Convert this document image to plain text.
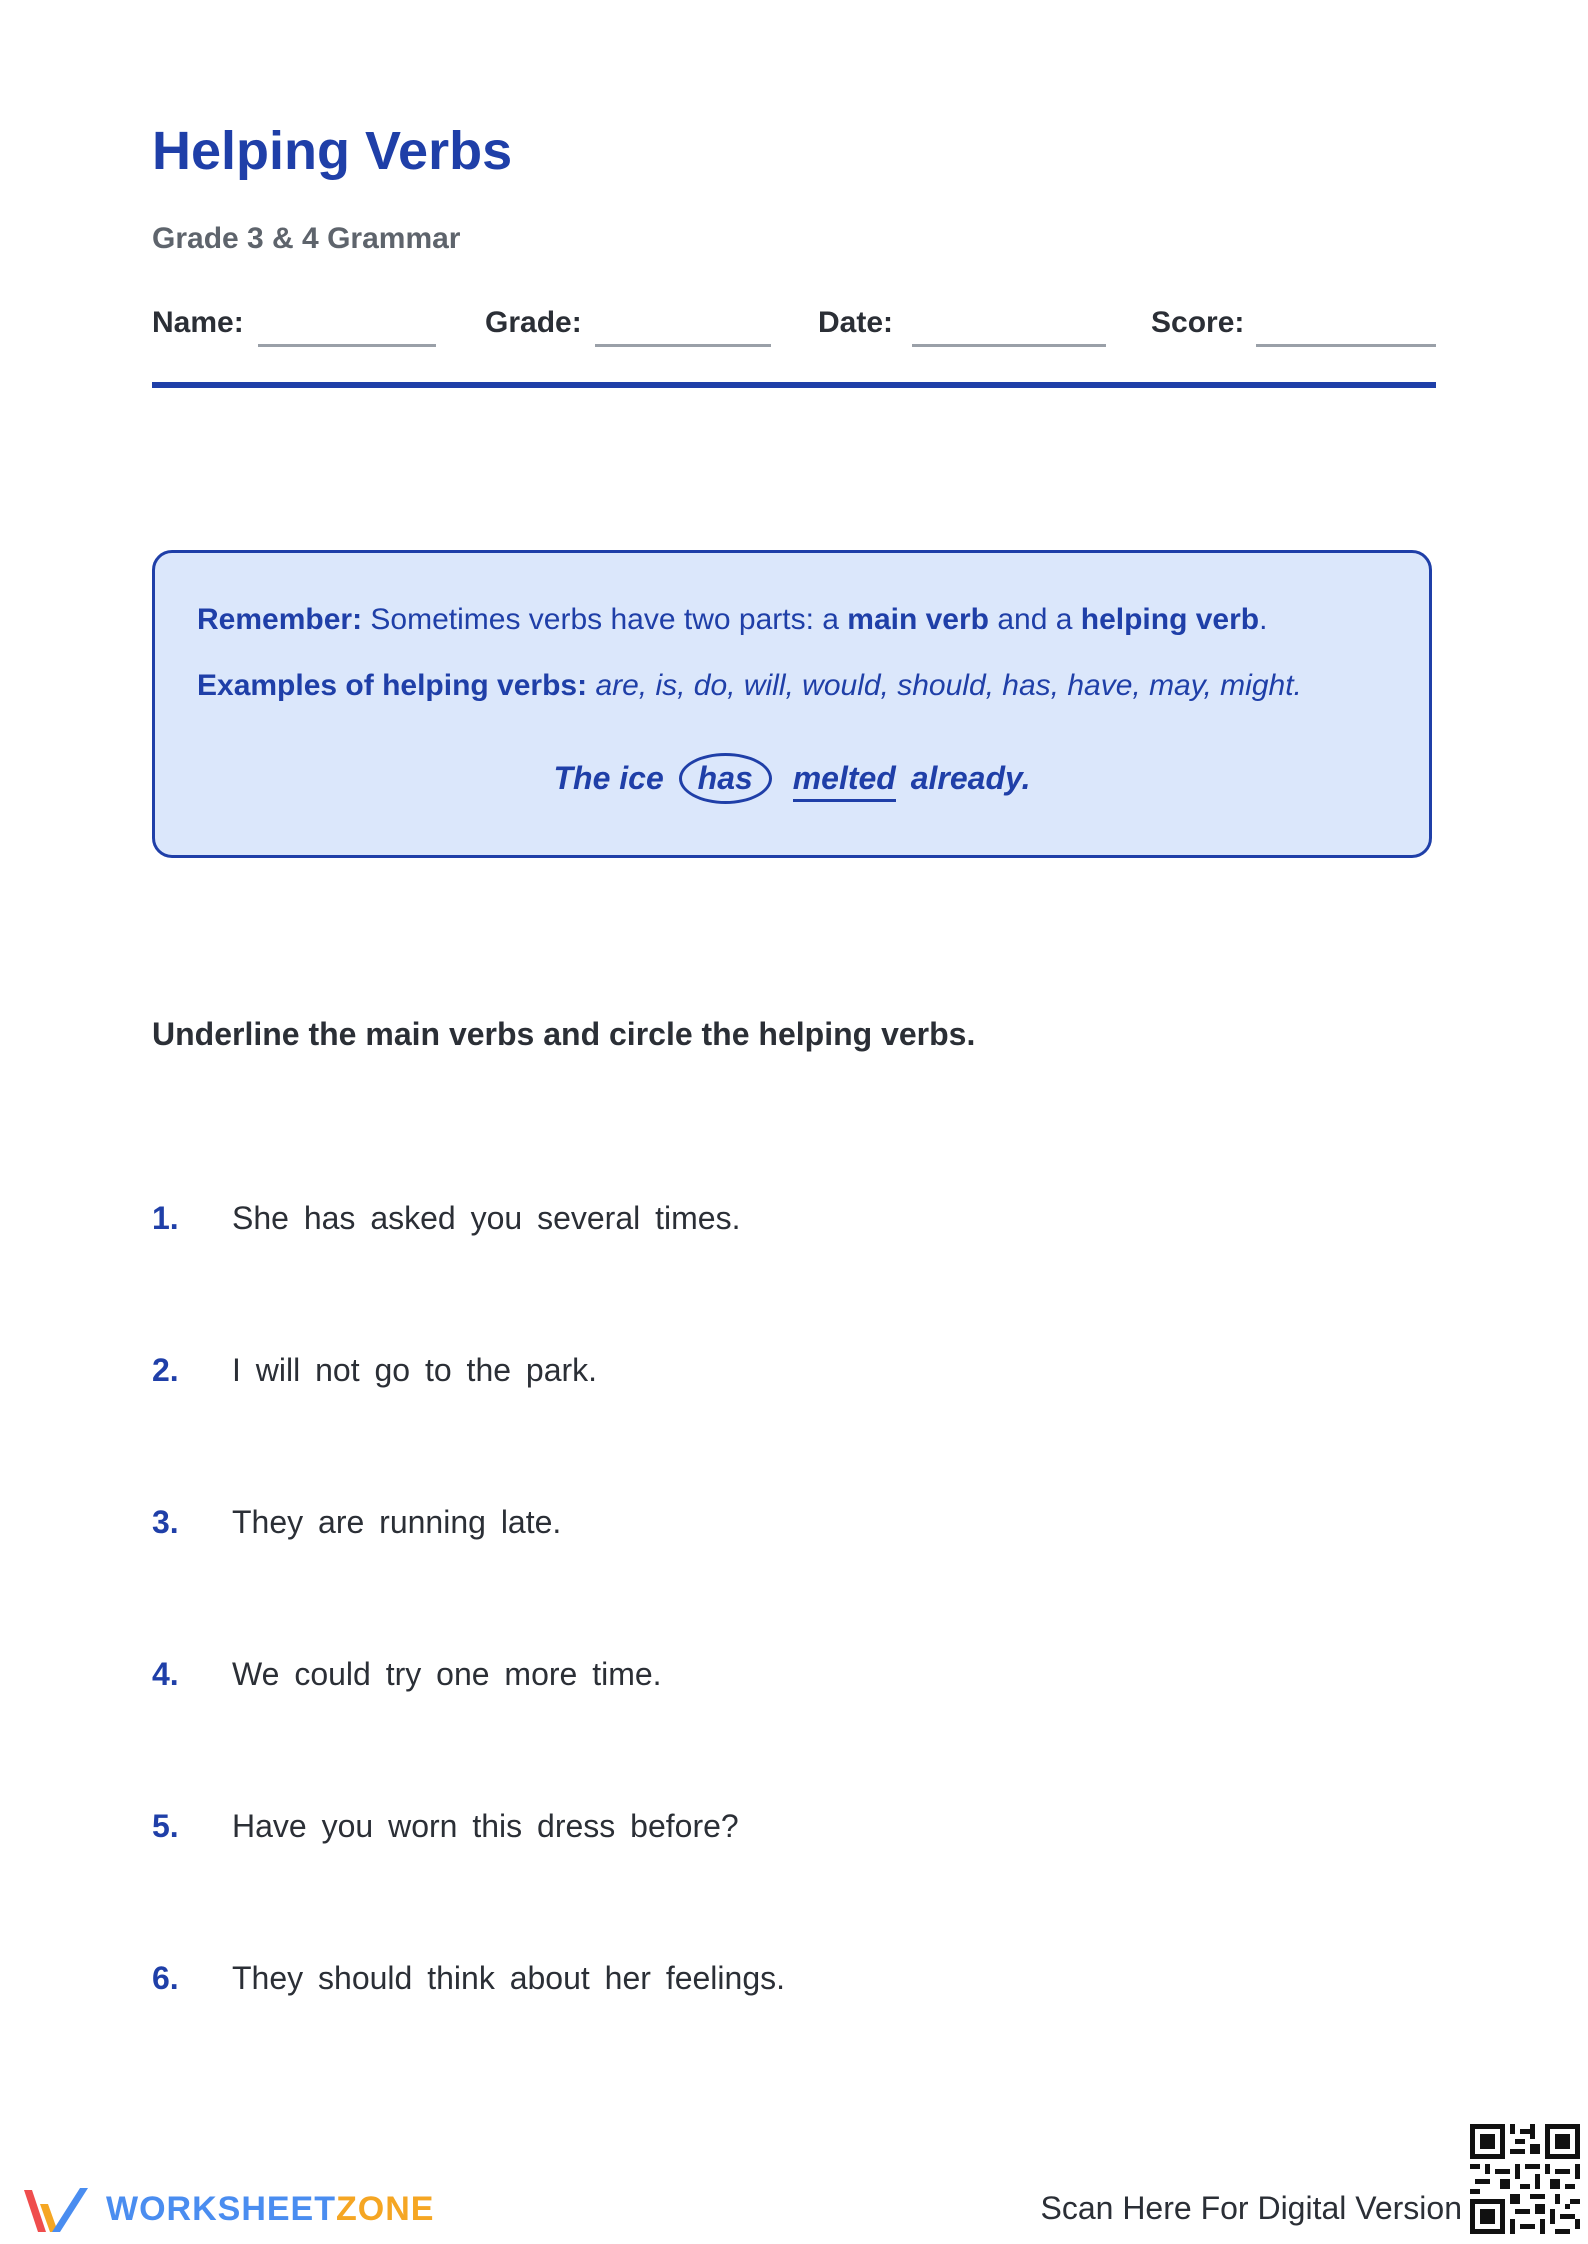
Helping Verbs
Grade 3 & 4 Grammar
Name:	Grade:	Date:	Score:
Remember: Sometimes verbs have two parts: a main verb and a helping verb.
Examples of helping verbs: are, is, do, will, would, should, has, have, may, might.
The ice has melted already.
Underline the main verbs and circle the helping verbs.
1. She has asked you several times.
2. I will not go to the park.
3. They are running late.
4. We could try one more time.
5. Have you worn this dress before?
6. They should think about her feelings.
WORKSHEETZONE	Scan Here For Digital Version
